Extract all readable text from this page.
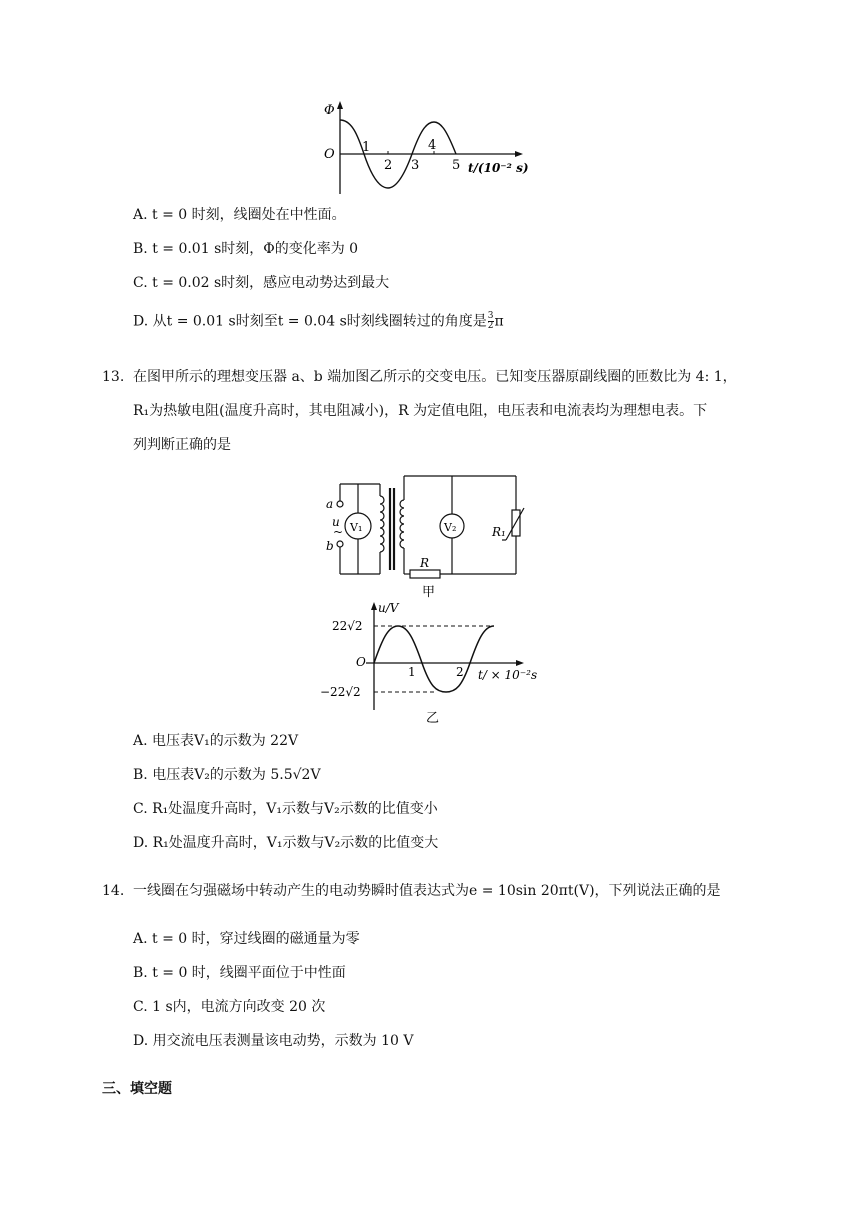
Φ
O 1
2 3
4
5 t/(10⁻² s)
A. t = 0 时刻，线圈处在中性面。
B. t = 0.01 s时刻，Φ的变化率为 0
C. t = 0.02 s时刻，感应电动势达到最大
D. 从t = 0.01 s时刻至t = 0.04 s时刻线圈转过的角度是 $\frac{3}{2}$ π
13. 在图甲所示的理想变压器 a、b 端加图乙所示的交变电压。已知变压器原副线圈的匝数比为 4: 1，
R₁为热敏电阻(温度升高时，其电阻减小)，R 为定值电阻，电压表和电流表均为理想电表。下
列判断正确的是
a
u
~
b
V₁	V₂
R
R₁
甲
u/V
22√2
O
−22√2
1	2 t/ × 10⁻²s
乙
A. 电压表V₁的示数为 22V
B. 电压表V₂的示数为 5.5√2V
C. R₁处温度升高时，V₁示数与V₂示数的比值变小
D. R₁处温度升高时，V₁示数与V₂示数的比值变大
14. 一线圈在匀强磁场中转动产生的电动势瞬时值表达式为e = 10sin 20πt(V)，下列说法正确的是
A. t = 0 时，穿过线圈的磁通量为零
B. t = 0 时，线圈平面位于中性面
C. 1 s内，电流方向改变 20 次
D. 用交流电压表测量该电动势，示数为 10 V
三、填空题
